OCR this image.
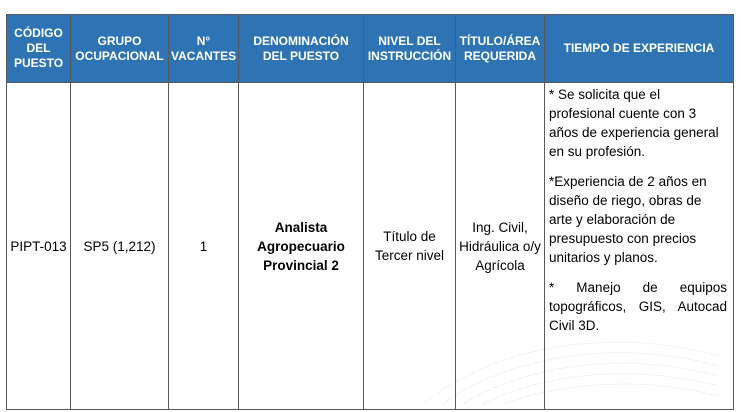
CÓDIGO DEL PUESTO	GRUPO OCUPACIONAL	N° VACANTES	DENOMINACIÓN DEL PUESTO	NIVEL DEL INSTRUCCIÓN	TÍTULO/ÁREA REQUERIDA	TIEMPO DE EXPERIENCIA
PIPT-013	SP5 (1,212)	1	Analista Agropecuario Provincial 2	Título de Tercer nivel	Ing. Civil, Hidráulica o/y Agrícola	* Se solicita que el profesional cuente con 3 años de experiencia general en su profesión.

*Experiencia de 2 años en diseño de riego, obras de arte y elaboración de presupuesto con precios unitarios y planos.

* Manejo de equipos topográficos, GIS, Autocad Civil 3D.
